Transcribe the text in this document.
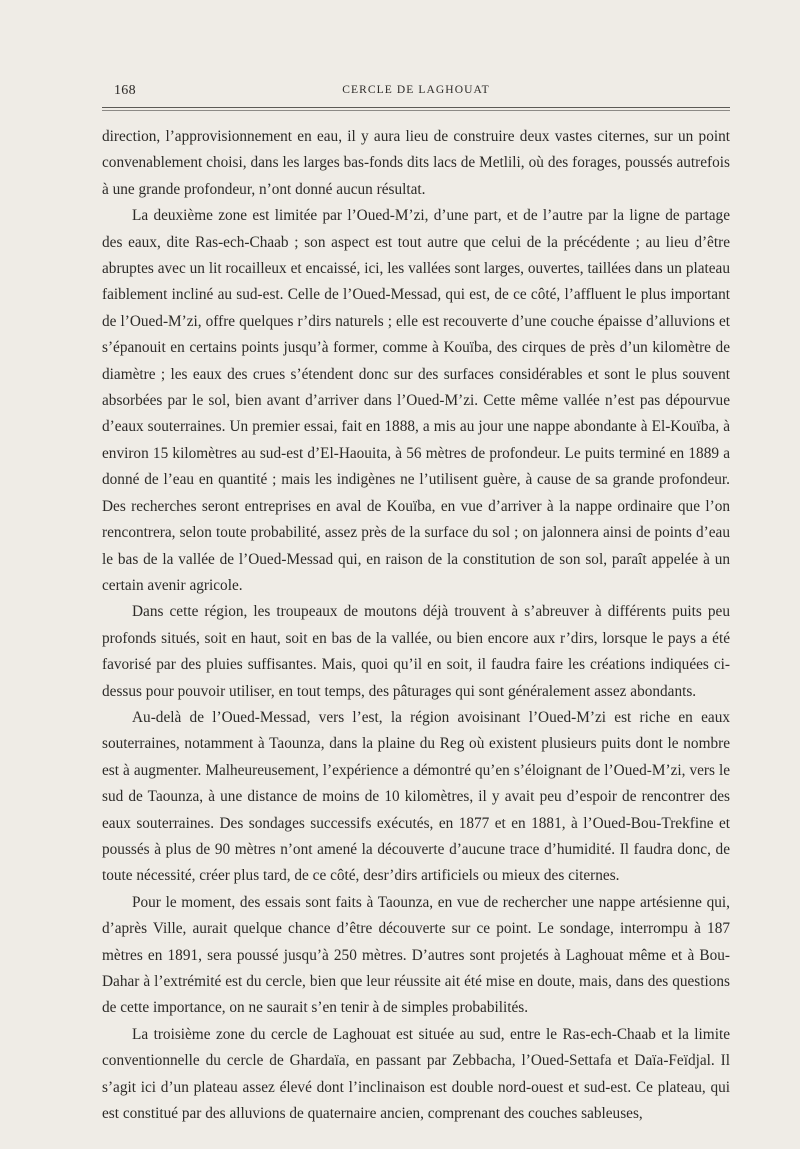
168	CERCLE DE LAGHOUAT

direction, l’approvisionnement en eau, il y aura lieu de construire deux vastes citernes, sur un point convenablement choisi, dans les larges bas-fonds dits lacs de Metlili, où des forages, poussés autrefois à une grande profondeur, n’ont donné aucun résultat.

La deuxième zone est limitée par l’Oued-M’zi, d’une part, et de l’autre par la ligne de partage des eaux, dite Ras-ech-Chaab ; son aspect est tout autre que celui de la précédente ; au lieu d’être abruptes avec un lit rocailleux et encaissé, ici, les vallées sont larges, ouvertes, taillées dans un plateau faiblement incliné au sud-est. Celle de l’Oued-Messad, qui est, de ce côté, l’affluent le plus important de l’Oued-M’zi, offre quelques r’dirs naturels ; elle est recouverte d’une couche épaisse d’alluvions et s’épanouit en certains points jusqu’à former, comme à Kouïba, des cirques de près d’un kilomètre de diamètre ; les eaux des crues s’étendent donc sur des surfaces considérables et sont le plus souvent absorbées par le sol, bien avant d’arriver dans l’Oued-M’zi. Cette même vallée n’est pas dépourvue d’eaux souterraines. Un premier essai, fait en 1888, a mis au jour une nappe abondante à El-Kouïba, à environ 15 kilomètres au sud-est d’El-Haouita, à 56 mètres de profondeur. Le puits terminé en 1889 a donné de l’eau en quantité ; mais les indigènes ne l’utilisent guère, à cause de sa grande profondeur. Des recherches seront entreprises en aval de Kouïba, en vue d’arriver à la nappe ordinaire que l’on rencontrera, selon toute probabilité, assez près de la surface du sol ; on jalonnera ainsi de points d’eau le bas de la vallée de l’Oued-Messad qui, en raison de la constitution de son sol, paraît appelée à un certain avenir agricole.

Dans cette région, les troupeaux de moutons déjà trouvent à s’abreuver à différents puits peu profonds situés, soit en haut, soit en bas de la vallée, ou bien encore aux r’dirs, lorsque le pays a été favorisé par des pluies suffisantes. Mais, quoi qu’il en soit, il faudra faire les créations indiquées ci-dessus pour pouvoir utiliser, en tout temps, des pâturages qui sont généralement assez abondants.

Au-delà de l’Oued-Messad, vers l’est, la région avoisinant l’Oued-M’zi est riche en eaux souterraines, notamment à Taounza, dans la plaine du Reg où existent plusieurs puits dont le nombre est à augmenter. Malheureusement, l’expérience a démontré qu’en s’éloignant de l’Oued-M’zi, vers le sud de Taounza, à une distance de moins de 10 kilomètres, il y avait peu d’espoir de rencontrer des eaux souterraines. Des sondages successifs exécutés, en 1877 et en 1881, à l’Oued-Bou-Trekfine et poussés à plus de 90 mètres n’ont amené la découverte d’aucune trace d’humidité. Il faudra donc, de toute nécessité, créer plus tard, de ce côté, desr’dirs artificiels ou mieux des citernes.

Pour le moment, des essais sont faits à Taounza, en vue de rechercher une nappe artésienne qui, d’après Ville, aurait quelque chance d’être découverte sur ce point. Le sondage, interrompu à 187 mètres en 1891, sera poussé jusqu’à 250 mètres. D’autres sont projetés à Laghouat même et à Bou-Dahar à l’extrémité est du cercle, bien que leur réussite ait été mise en doute, mais, dans des questions de cette importance, on ne saurait s’en tenir à de simples probabilités.

La troisième zone du cercle de Laghouat est située au sud, entre le Ras-ech-Chaab et la limite conventionnelle du cercle de Ghardaïa, en passant par Zebbacha, l’Oued-Settafa et Daïa-Feïdjal. Il s’agit ici d’un plateau assez élevé dont l’inclinaison est double nord-ouest et sud-est. Ce plateau, qui est constitué par des alluvions de quaternaire ancien, comprenant des couches sableuses,
